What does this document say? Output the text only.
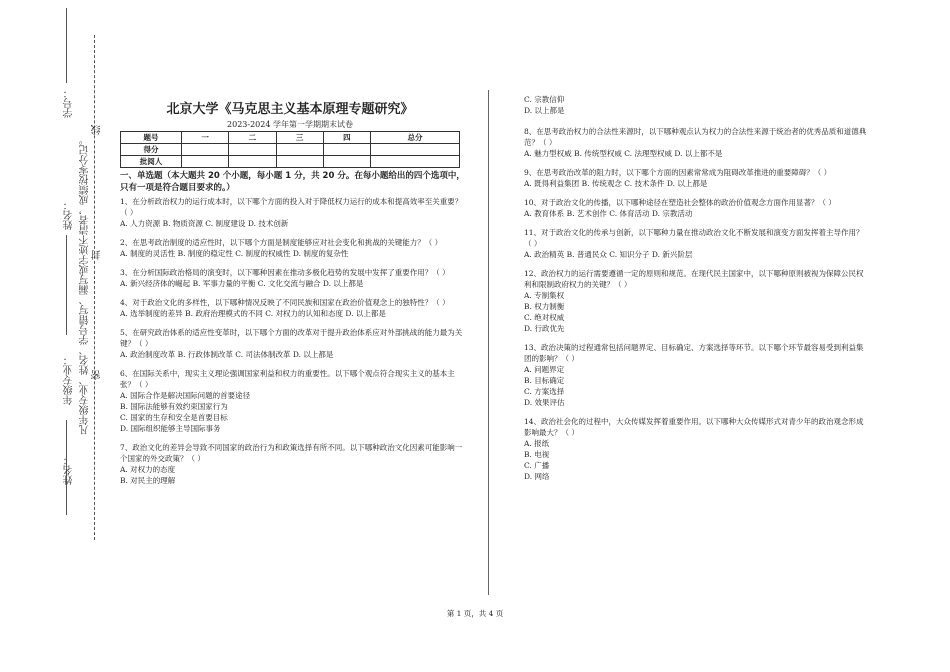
凡年级专业、姓名、学号错写、漏写或字迹不清者，成绩按零分记。 密
封
线
年级专业：
姓名：
学号：
姓名：
北京大学《马克思主义基本原理专题研究》
2023-2024 学年第一学期期末试卷
题号	一	二	三	四	总分
得分					
批阅人					
一、单选题（本大题共 20 个小题，每小题 1 分，共 20 分。在每小题给出的四个选项中，只有一项是符合题目要求的。）
1、在分析政治权力的运行成本时，以下哪个方面的投入对于降低权力运行的成本和提高效率至关重要？（ ）
A. 人力资源 B. 物质资源 C. 制度建设 D. 技术创新
2、在思考政治制度的适应性时，以下哪个方面是制度能够应对社会变化和挑战的关键能力？（ ）
A. 制度的灵活性 B. 制度的稳定性 C. 制度的权威性 D. 制度的复杂性
3、在分析国际政治格局的演变时，以下哪种因素在推动多极化趋势的发展中发挥了重要作用？（ ）
A. 新兴经济体的崛起 B. 军事力量的平衡 C. 文化交流与融合 D. 以上都是
4、对于政治文化的多样性，以下哪种情况反映了不同民族和国家在政治价值观念上的独特性？（ ）
A. 选举制度的差异 B. 政府治理模式的不同 C. 对权力的认知和态度 D. 以上都是
5、在研究政治体系的适应性变革时，以下哪个方面的改革对于提升政治体系应对外部挑战的能力最为关键？（ ）
A. 政治制度改革 B. 行政体制改革 C. 司法体制改革 D. 以上都是
6、在国际关系中，现实主义理论强调国家利益和权力的重要性。以下哪个观点符合现实主义的基本主张？（ ）
A. 国际合作是解决国际问题的首要途径
B. 国际法能够有效约束国家行为
C. 国家的生存和安全是首要目标
D. 国际组织能够主导国际事务
7、政治文化的差异会导致不同国家的政治行为和政策选择有所不同。以下哪种政治文化因素可能影响一个国家的外交政策？（ ）
A. 对权力的态度
B. 对民主的理解
C. 宗教信仰
D. 以上都是
8、在思考政治权力的合法性来源时，以下哪种观点认为权力的合法性来源于统治者的优秀品质和道德典范？（ ）
A. 魅力型权威 B. 传统型权威 C. 法理型权威 D. 以上都不是
9、在思考政治改革的阻力时，以下哪个方面的因素常常成为阻碍改革推进的重要障碍？（ ）
A. 既得利益集团 B. 传统观念 C. 技术条件 D. 以上都是
10、对于政治文化的传播，以下哪种途径在塑造社会整体的政治价值观念方面作用显著？（ ）
A. 教育体系 B. 艺术创作 C. 体育活动 D. 宗教活动
11、对于政治文化的传承与创新，以下哪种力量在推动政治文化不断发展和演变方面发挥着主导作用？（ ）
A. 政治精英 B. 普通民众 C. 知识分子 D. 新兴阶层
12、政治权力的运行需要遵循一定的原则和规范。在现代民主国家中，以下哪种原则被视为保障公民权利和限制政府权力的关键？（ ）
A. 专制集权
B. 权力制衡
C. 绝对权威
D. 行政优先
13、政治决策的过程通常包括问题界定、目标确定、方案选择等环节。以下哪个环节最容易受到利益集团的影响？（ ）
A. 问题界定
B. 目标确定
C. 方案选择
D. 效果评估
14、政治社会化的过程中，大众传媒发挥着重要作用。以下哪种大众传媒形式对青少年的政治观念形成影响最大？（ ）
A. 报纸
B. 电视
C. 广播
D. 网络
第 1 页，共 4 页
